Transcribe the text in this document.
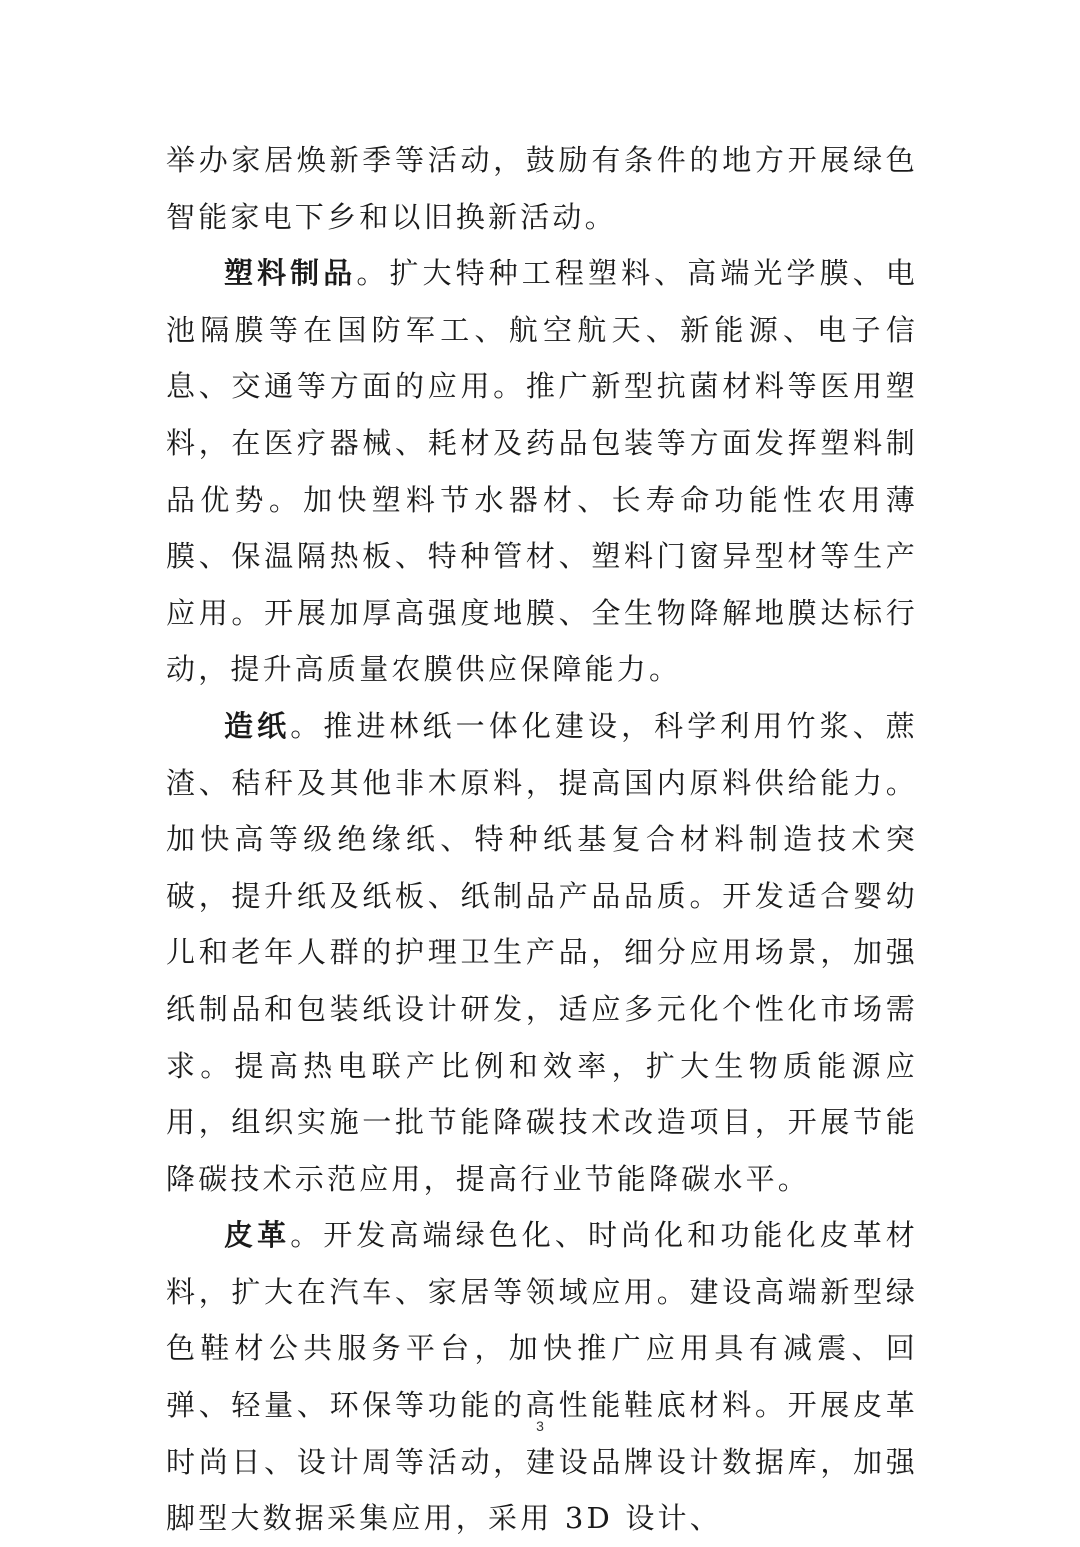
举办家居焕新季等活动，鼓励有条件的地方开展绿色智能家电下乡和以旧换新活动。

塑料制品。扩大特种工程塑料、高端光学膜、电池隔膜等在国防军工、航空航天、新能源、电子信息、交通等方面的应用。推广新型抗菌材料等医用塑料，在医疗器械、耗材及药品包装等方面发挥塑料制品优势。加快塑料节水器材、长寿命功能性农用薄膜、保温隔热板、特种管材、塑料门窗异型材等生产应用。开展加厚高强度地膜、全生物降解地膜达标行动，提升高质量农膜供应保障能力。

造纸。推进林纸一体化建设，科学利用竹浆、蔗渣、秸秆及其他非木原料，提高国内原料供给能力。加快高等级绝缘纸、特种纸基复合材料制造技术突破，提升纸及纸板、纸制品产品品质。开发适合婴幼儿和老年人群的护理卫生产品，细分应用场景，加强纸制品和包装纸设计研发，适应多元化个性化市场需求。提高热电联产比例和效率，扩大生物质能源应用，组织实施一批节能降碳技术改造项目，开展节能降碳技术示范应用，提高行业节能降碳水平。

皮革。开发高端绿色化、时尚化和功能化皮革材料，扩大在汽车、家居等领域应用。建设高端新型绿色鞋材公共服务平台，加快推广应用具有减震、回弹、轻量、环保等功能的高性能鞋底材料。开展皮革时尚日、设计周等活动，建设品牌设计数据库，加强脚型大数据采集应用，采用 3D 设计、

3
